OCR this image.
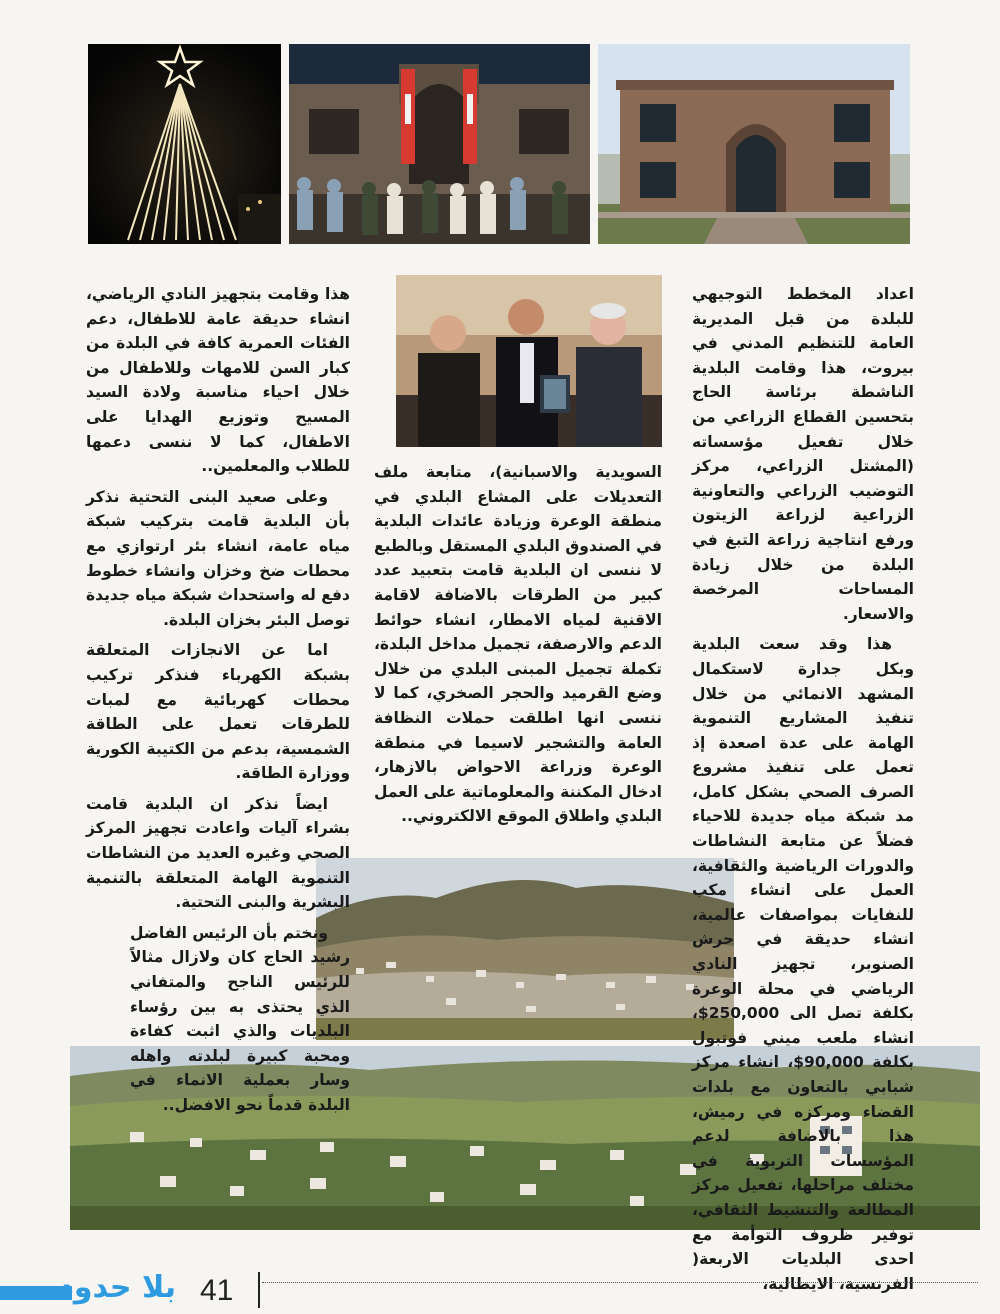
اعداد المخطط التوجيهي للبلدة من قبل المديرية العامة للتنظيم المدني في بيروت، هذا وقامت البلدية الناشطة برئاسة الحاج بتحسين القطاع الزراعي من خلال تفعيل مؤسساته (المشتل الزراعي، مركز التوضيب الزراعي والتعاونية الزراعية لزراعة الزيتون ورفع انتاجية زراعة التبغ في البلدة من خلال زيادة المساحات المرخصة والاسعار.

هذا وقد سعت البلدية وبكل جدارة لاستكمال المشهد الانمائي من خلال تنفيذ المشاريع التنموية الهامة على عدة اصعدة إذ تعمل على تنفيذ مشروع الصرف الصحي بشكل كامل، مد شبكة مياه جديدة للاحياء فضلاً عن متابعة النشاطات والدورات الرياضية والثقافية، العمل على انشاء مكب للنفايات بمواصفات عالمية، انشاء حديقة في حرش الصنوبر، تجهيز النادي الرياضي في محلة الوعرة بكلفة تصل الى 250,000$، انشاء ملعب ميني فوتبول بكلفة 90,000$، انشاء مركز شبابي بالتعاون مع بلدات القضاء ومركزه في رميش، هذا بالاضافة لدعم المؤسسات التربوية في مختلف مراحلها، تفعيل مركز المطالعة والتنشيط الثقافي، توفير ظروف التوأمة مع احدى البلديات الاربعة( الفرنسية، الايطالية،

السويدية والاسبانية)، متابعة ملف التعديلات على المشاع البلدي في منطقة الوعرة وزيادة عائدات البلدية في الصندوق البلدي المستقل وبالطبع لا ننسى ان البلدية قامت بتعبيد عدد كبير من الطرقات بالاضافة لاقامة الاقنية لمياه الامطار، انشاء حوائط الدعم والارصفة، تجميل مداخل البلدة، تكملة تجميل المبنى البلدي من خلال وضع القرميد والحجر الصخري، كما لا ننسى انها اطلقت حملات النظافة العامة والتشجير لاسيما في منطقة الوعرة وزراعة الاحواض بالازهار، ادخال المكننة والمعلوماتية على العمل البلدي واطلاق الموقع الالكتروني..

هذا وقامت بتجهيز النادي الرياضي، انشاء حديقة عامة للاطفال، دعم الفئات العمرية كافة في البلدة من كبار السن للامهات وللاطفال من خلال احياء مناسبة ولادة السيد المسيح وتوزيع الهدايا على الاطفال، كما لا ننسى دعمها للطلاب والمعلمين..

وعلى صعيد البنى التحتية نذكر بأن البلدية قامت بتركيب شبكة مياه عامة، انشاء بئر ارتوازي مع محطات ضخ وخزان وانشاء خطوط دفع له واستحداث شبكة مياه جديدة توصل البئر بخزان البلدة.

اما عن الانجازات المتعلقة بشبكة الكهرباء فنذكر تركيب محطات كهربائية مع لمبات للطرقات تعمل على الطاقة الشمسية، بدعم من الكتيبة الكورية ووزارة الطاقة.

ايضاً نذكر ان البلدية قامت بشراء آليات واعادت تجهيز المركز الصحي وغيره العديد من النشاطات التنموية الهامة المتعلقة بالتنمية البشرية والبنى التحتية.

ونختم بأن الرئيس الفاضل رشيد الحاج كان ولازال مثالاً للرئيس الناجح والمتفاني الذي يحتذى به بين رؤساء البلديات والذي اثبت كفاءة ومحبة كبيرة لبلدته واهله وسار بعملية الانماء في البلدة قدماً نحو الافضل..

41
بلا حدود
